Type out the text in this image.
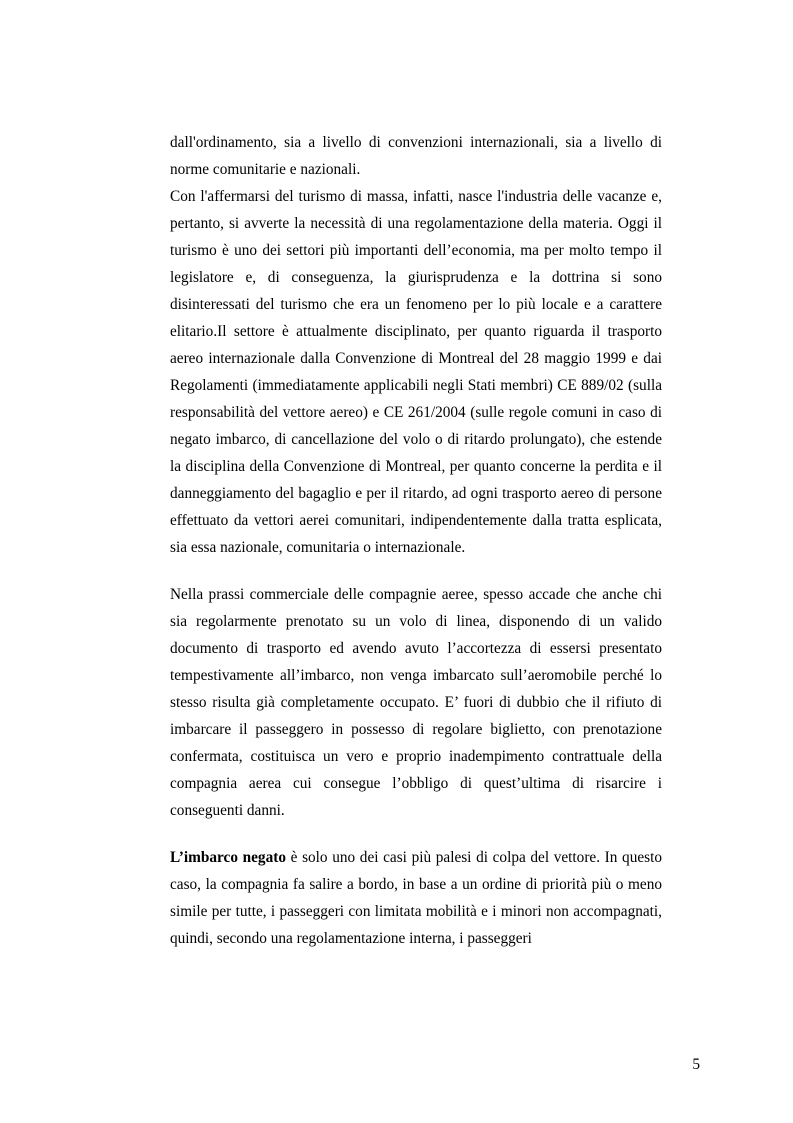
dall'ordinamento, sia a livello di convenzioni internazionali, sia a livello di norme comunitarie e nazionali.

Con l'affermarsi del turismo di massa, infatti, nasce l'industria delle vacanze e, pertanto, si avverte la necessità di una regolamentazione della materia. Oggi il turismo è uno dei settori più importanti dell’economia, ma per molto tempo il legislatore e, di conseguenza, la giurisprudenza e la dottrina si sono disinteressati del turismo che era un fenomeno per lo più locale e a carattere elitario.Il settore è attualmente disciplinato, per quanto riguarda il trasporto aereo internazionale dalla Convenzione di Montreal del 28 maggio 1999 e dai Regolamenti (immediatamente applicabili negli Stati membri) CE 889/02 (sulla responsabilità del vettore aereo) e CE 261/2004 (sulle regole comuni in caso di negato imbarco, di cancellazione del volo o di ritardo prolungato), che estende la disciplina della Convenzione di Montreal, per quanto concerne la perdita e il danneggiamento del bagaglio e per il ritardo, ad ogni trasporto aereo di persone effettuato da vettori aerei comunitari, indipendentemente dalla tratta esplicata, sia essa nazionale, comunitaria o internazionale.

Nella prassi commerciale delle compagnie aeree, spesso accade che anche chi sia regolarmente prenotato su un volo di linea, disponendo di un valido documento di trasporto ed avendo avuto l’accortezza di essersi presentato tempestivamente all’imbarco, non venga imbarcato sull’aeromobile perché lo stesso risulta già completamente occupato. E’ fuori di dubbio che il rifiuto di imbarcare il passeggero in possesso di regolare biglietto, con prenotazione confermata, costituisca un vero e proprio inadempimento contrattuale della compagnia aerea cui consegue l’obbligo di quest’ultima di risarcire i conseguenti danni.

L’imbarco negato è solo uno dei casi più palesi di colpa del vettore. In questo caso, la compagnia fa salire a bordo, in base a un ordine di priorità più o meno simile per tutte, i passeggeri con limitata mobilità e i minori non accompagnati, quindi, secondo una regolamentazione interna, i passeggeri

5
